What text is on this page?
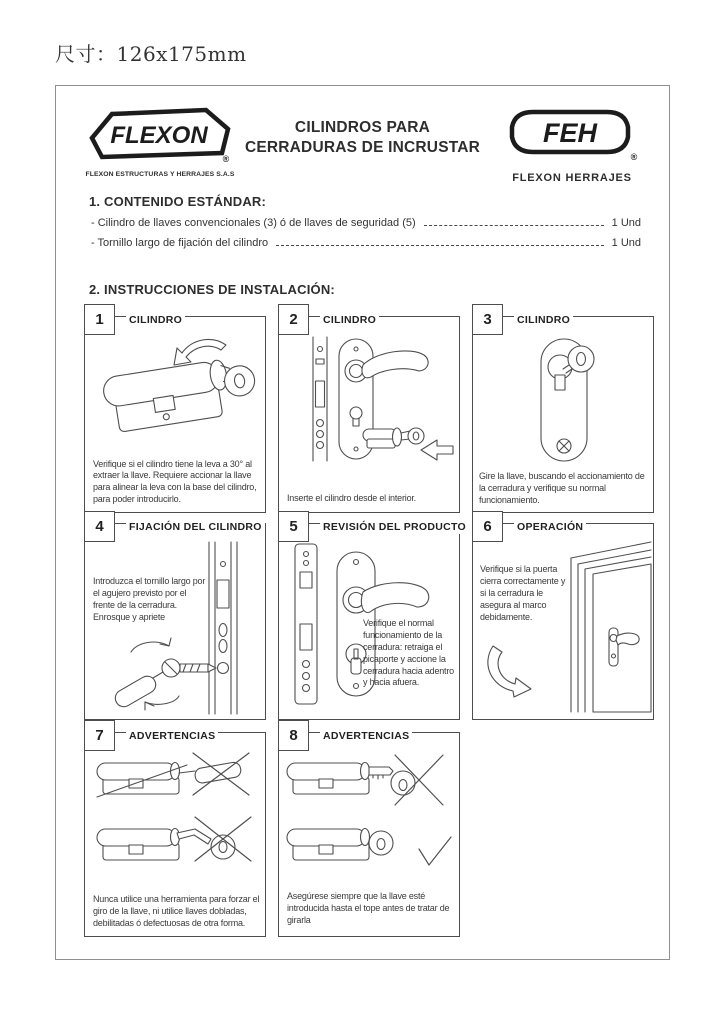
尺寸：126x175mm
FLEXON
®
FLEXON ESTRUCTURAS Y HERRAJES S.A.S
CILINDROS PARA
CERRADURAS DE INCRUSTAR FEH
®
FLEXON HERRAJES
1. CONTENIDO ESTÁNDAR:
- Cilindro de llaves convencionales (3) ó de llaves de seguridad (5)	1 Und
- Tornillo largo de fijación del cilindro	1 Und
2. INSTRUCCIONES DE INSTALACIÓN:
1	CILINDRO
Verifique si el cilindro tiene la leva a 30° al extraer la llave. Requiere accionar la llave para alinear la leva con la base del cilindro, para poder introducirlo.
2	CILINDRO
Inserte el cilindro desde el interior.
3	CILINDRO
Gire la llave, buscando el accionamiento de la cerradura y verifique su normal funcionamiento.
4	FIJACIÓN DEL CILINDRO
Introduzca el tornillo largo por el agujero previsto por el frente de la cerradura. Enrosque y apriete
5	REVISIÓN DEL PRODUCTO
Verifique el normal funcionamiento de la cerradura: retraiga el picaporte y accione la cerradura hacia adentro y hacia afuera.
6	OPERACIÓN
Verifique si la puerta cierra correctamente y si la cerradura le asegura al marco debidamente.
7	ADVERTENCIAS
Nunca utilice una herramienta para forzar el giro de la llave, ni utilice llaves dobladas, debilitadas ó defectuosas de otra forma.
8	ADVERTENCIAS
Asegúrese siempre que la llave esté introducida hasta el tope antes de tratar de girarla
